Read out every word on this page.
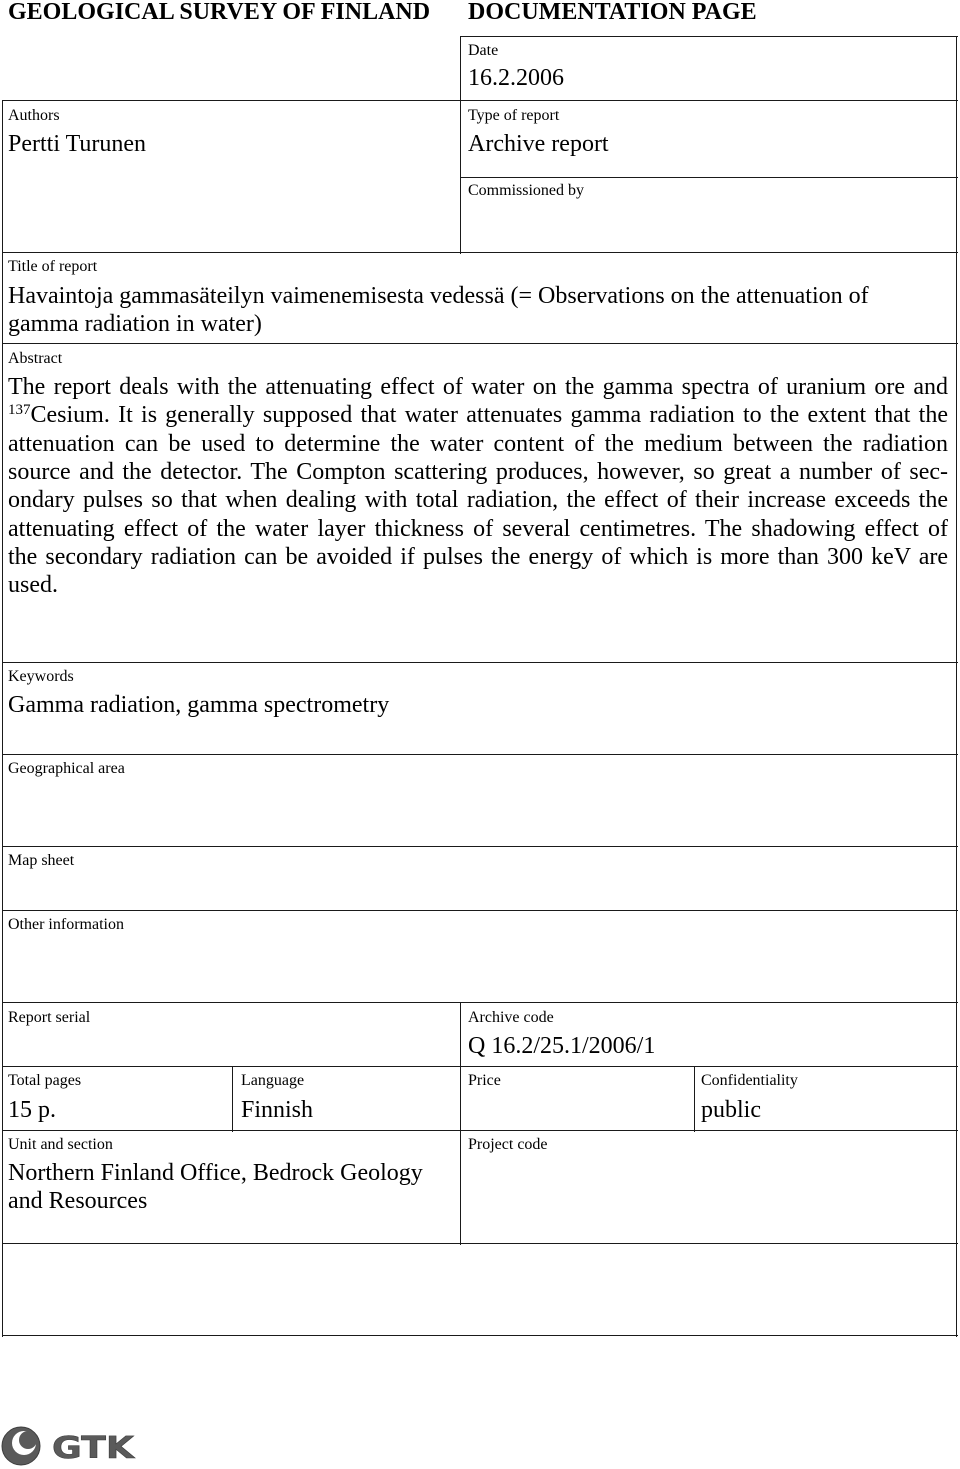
GEOLOGICAL SURVEY OF FINLAND DOCUMENTATION PAGE
Date
16.2.2006
Authors
Pertti Turunen
Type of report
Archive report
Commissioned by
Title of report
Havaintoja gammasäteilyn vaimenemisesta vedessä (= Observations on the attenuation of gamma radiation in water)
Abstract
The report deals with the attenuating effect of water on the gamma spectra of uranium ore and
$^{137}$Cesium. It is generally supposed that water attenuates gamma radiation to the extent that the
attenuation can be used to determine the water content of the medium between the radiation
source and the detector. The Compton scattering produces, however, so great a number of sec-
ondary pulses so that when dealing with total radiation, the effect of their increase exceeds the
attenuating effect of the water layer thickness of several centimetres. The shadowing effect of
the secondary radiation can be avoided if pulses the energy of which is more than 300 keV are
used.
Keywords
Gamma radiation, gamma spectrometry
Geographical area
Map sheet
Other information
Report serial	Archive code
Q 16.2/25.1/2006/1
Total pages
15 p.
Language
Finnish
Price	Confidentiality
public
Unit and section
Northern Finland Office, Bedrock Geology and Resources
Project code
GTK
